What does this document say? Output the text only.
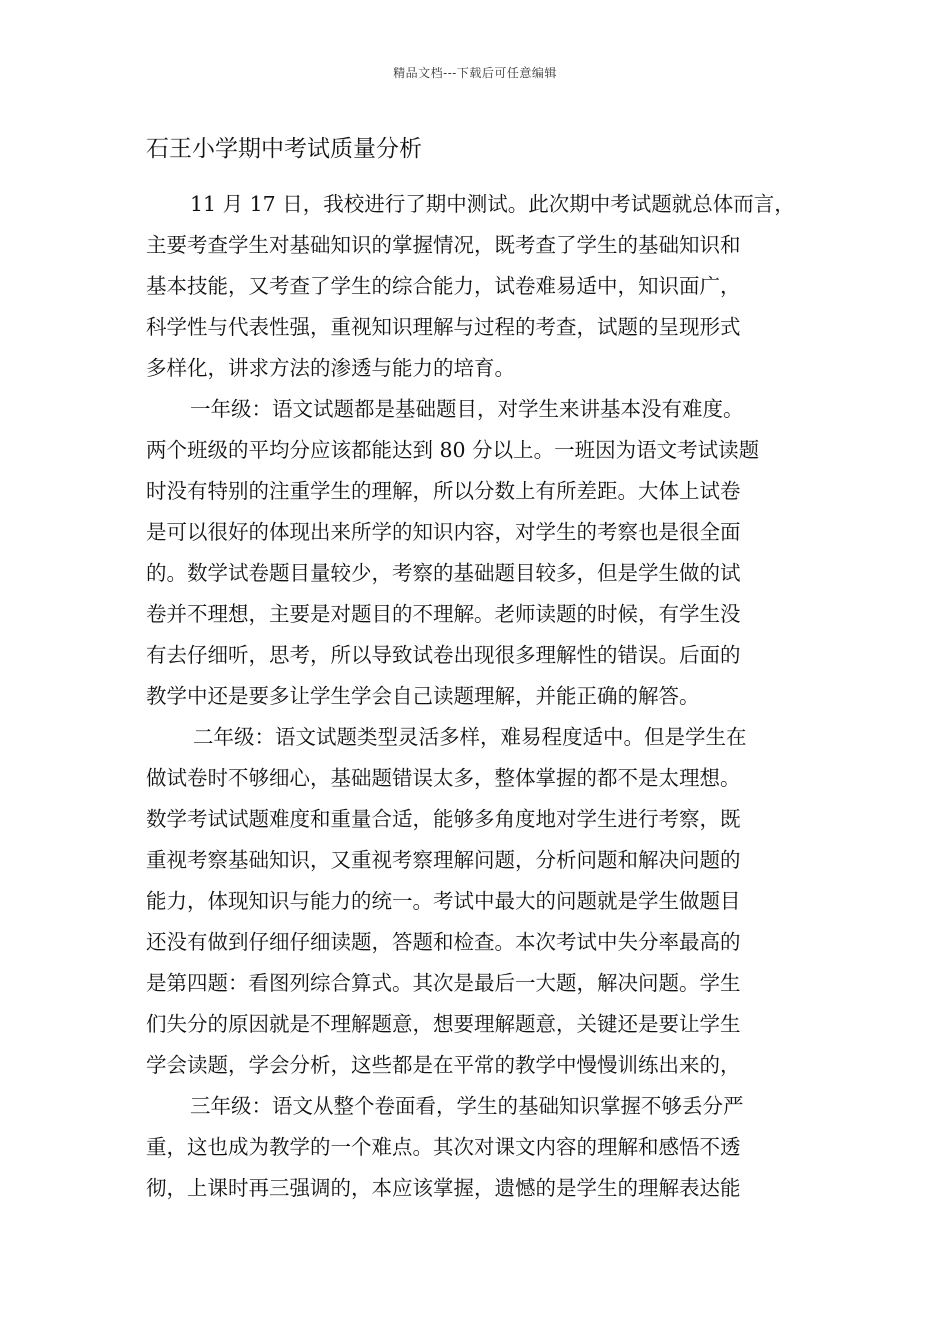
精品文档---下载后可任意编辑
石王小学期中考试质量分析
11 月 17 日，我校进行了期中测试。此次期中考试题就总体而言，
主要考查学生对基础知识的掌握情况，既考查了学生的基础知识和
基本技能，又考查了学生的综合能力，试卷难易适中，知识面广，
科学性与代表性强，重视知识理解与过程的考查，试题的呈现形式
多样化，讲求方法的渗透与能力的培育。
一年级：语文试题都是基础题目，对学生来讲基本没有难度。
两个班级的平均分应该都能达到 80 分以上。一班因为语文考试读题
时没有特别的注重学生的理解，所以分数上有所差距。大体上试卷
是可以很好的体现出来所学的知识内容，对学生的考察也是很全面
的。数学试卷题目量较少，考察的基础题目较多，但是学生做的试
卷并不理想，主要是对题目的不理解。老师读题的时候，有学生没
有去仔细听，思考，所以导致试卷出现很多理解性的错误。后面的
教学中还是要多让学生学会自己读题理解，并能正确的解答。
二年级：语文试题类型灵活多样，难易程度适中。但是学生在
做试卷时不够细心，基础题错误太多，整体掌握的都不是太理想。
数学考试试题难度和重量合适，能够多角度地对学生进行考察，既
重视考察基础知识，又重视考察理解问题，分析问题和解决问题的
能力，体现知识与能力的统一。考试中最大的问题就是学生做题目
还没有做到仔细仔细读题，答题和检查。本次考试中失分率最高的
是第四题：看图列综合算式。其次是最后一大题，解决问题。学生
们失分的原因就是不理解题意，想要理解题意，关键还是要让学生
学会读题，学会分析，这些都是在平常的教学中慢慢训练出来的，
三年级：语文从整个卷面看，学生的基础知识掌握不够丢分严
重，这也成为教学的一个难点。其次对课文内容的理解和感悟不透
彻，上课时再三强调的，本应该掌握，遗憾的是学生的理解表达能
